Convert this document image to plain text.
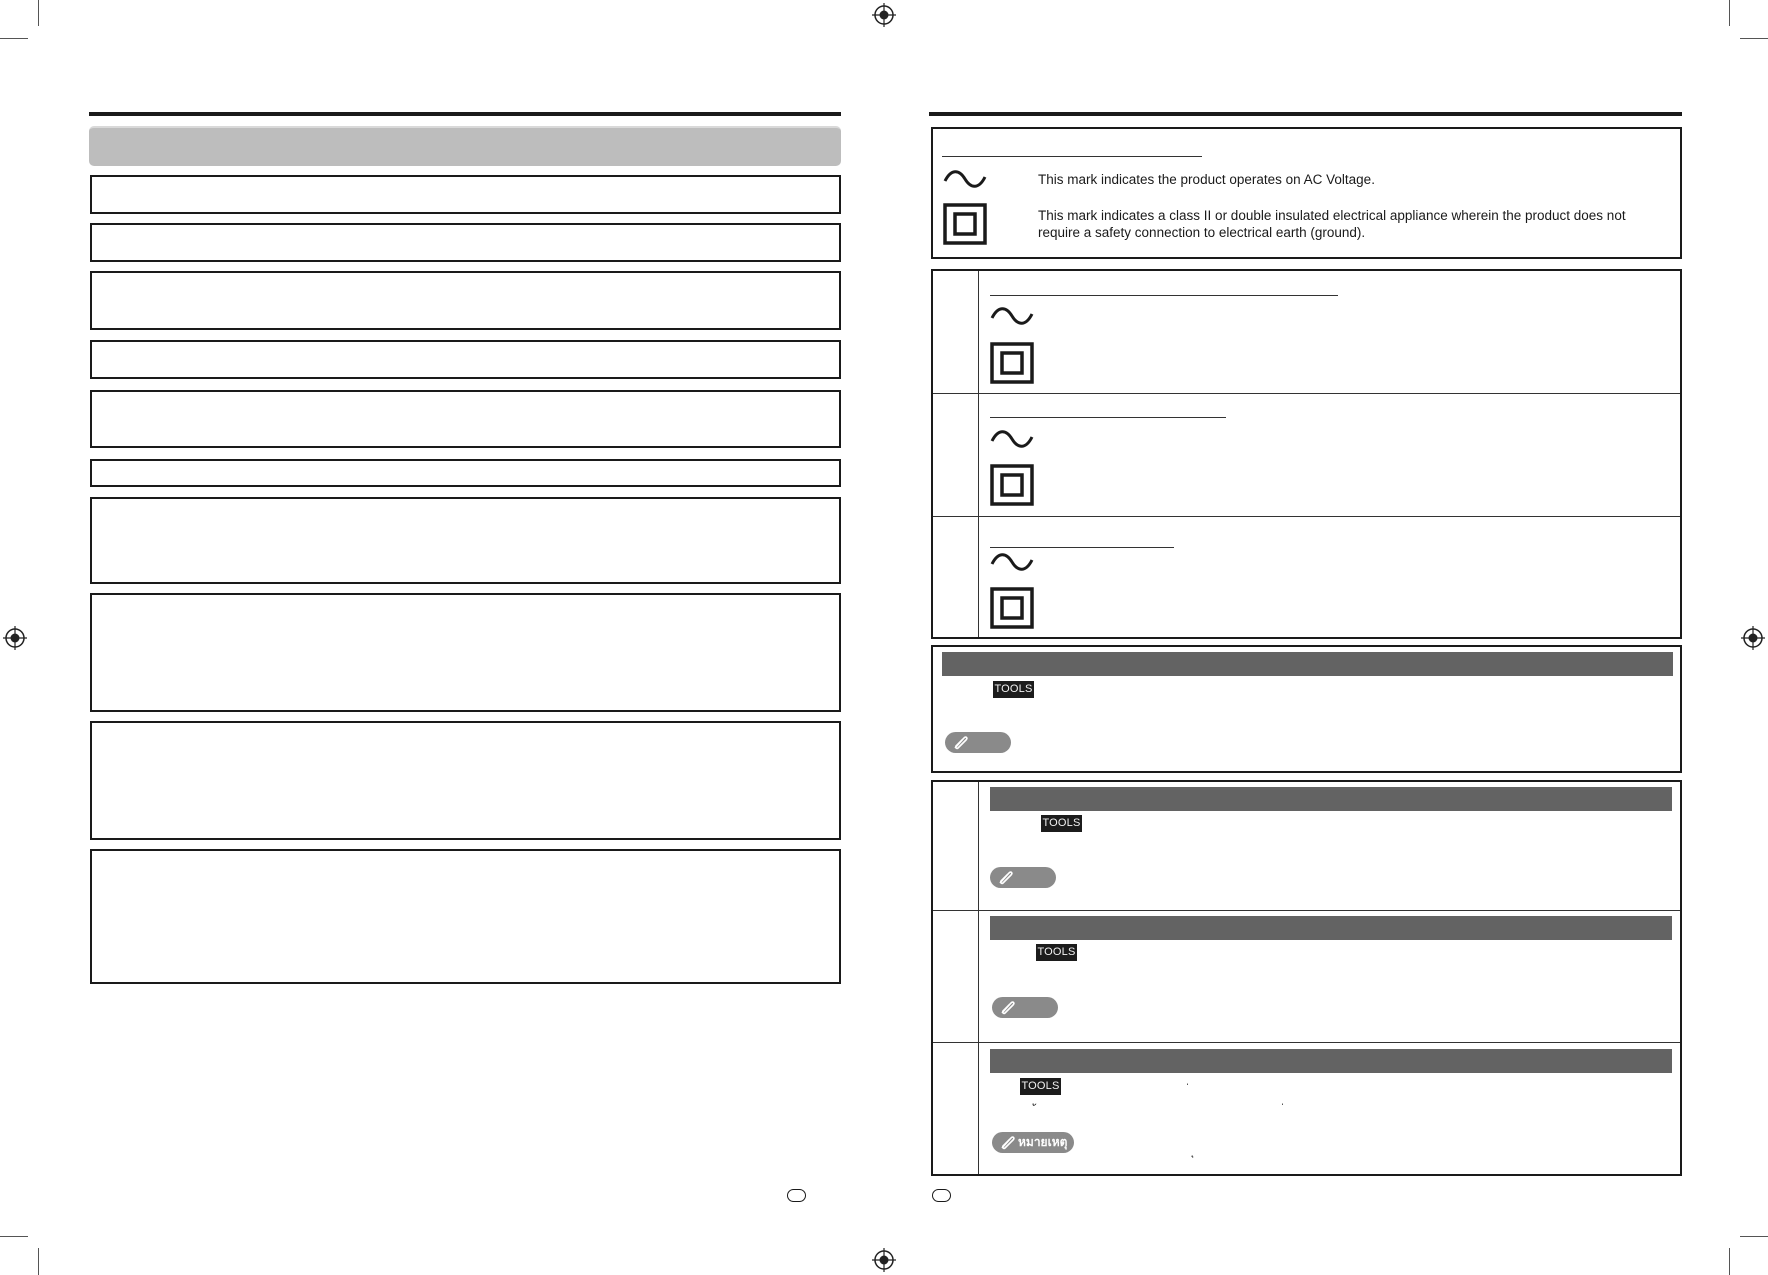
This mark indicates the product operates on AC Voltage.
This mark indicates a class II or double insulated electrical appliance wherein the product does not
require a safety connection to electrical earth (ground).
TOOLS
TOOLS
TOOLS
TOOLS
หมายเหตุ
